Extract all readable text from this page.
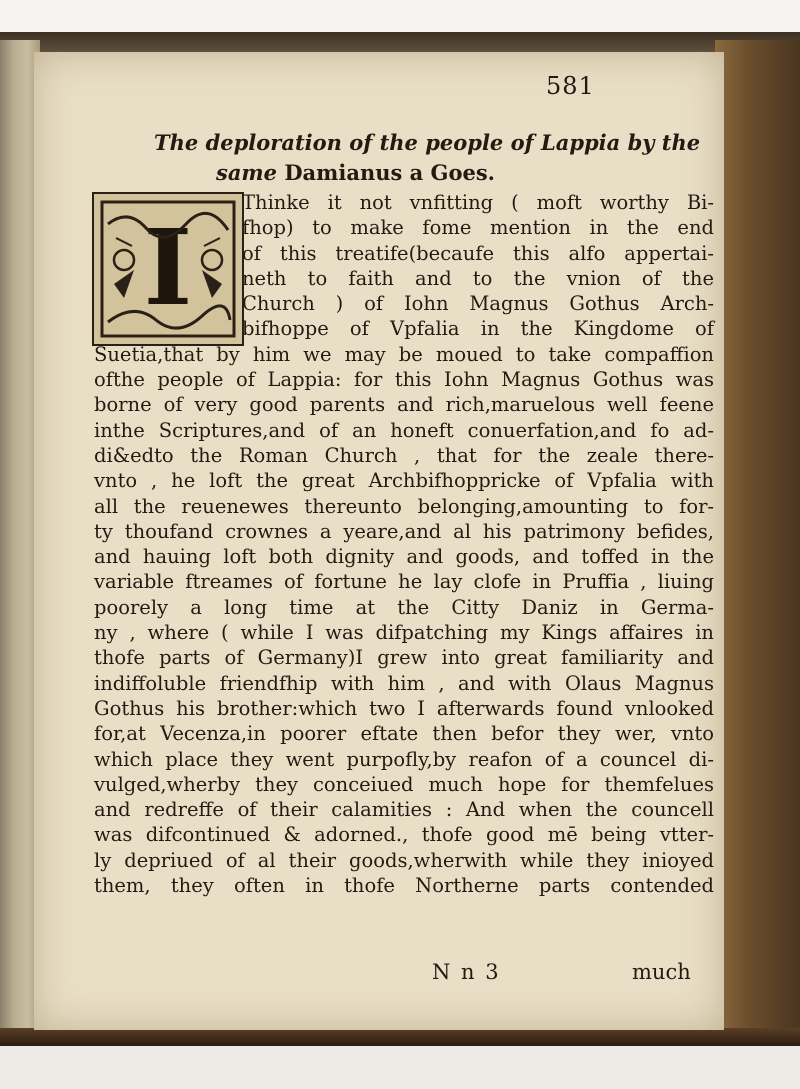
581
The deploration of the people of Lappia by the
same Damianus a Goes.
I
Thinke it not vnfitting ( moft worthy Bi-
fhop) to make fome mention in the end
of this treatife(becaufe this alfo appertai-
neth to faith and to the vnion of the
Church ) of Iohn Magnus Gothus Arch-
bifhoppe of Vpfalia in the Kingdome of
Suetia,that by him we may be moued to take compaffion
ofthe people of Lappia: for this Iohn Magnus Gothus was
borne of very good parents and rich,maruelous well feene
inthe Scriptures,and of an honeft conuerfation,and fo ad-
di&edto the Roman Church , that for the zeale there-
vnto , he loft the great Archbifhoppricke of Vpfalia with
all the reuenewes thereunto belonging,amounting to for-
ty thoufand crownes a yeare,and al his patrimony befides,
and hauing loft both dignity and goods, and toffed in the
variable ftreames of fortune he lay clofe in Pruffia , liuing
poorely a long time at the Citty Daniz in Germa-
ny , where ( while I was difpatching my Kings affaires in
thofe parts of Germany)I grew into great familiarity and
indiffoluble friendfhip with him , and with Olaus Magnus
Gothus his brother:which two I afterwards found vnlooked
for,at Vecenza,in poorer eftate then befor they wer, vnto
which place they went purpofly,by reafon of a councel di-
vulged,wherby they conceiued much hope for themfelues
and redreffe of their calamities : And when the councell
was difcontinued & adorned., thofe good mē being vtter-
ly depriued of al their goods,wherwith while they inioyed
them, they often in thofe Northerne parts contended
N n 3	much
